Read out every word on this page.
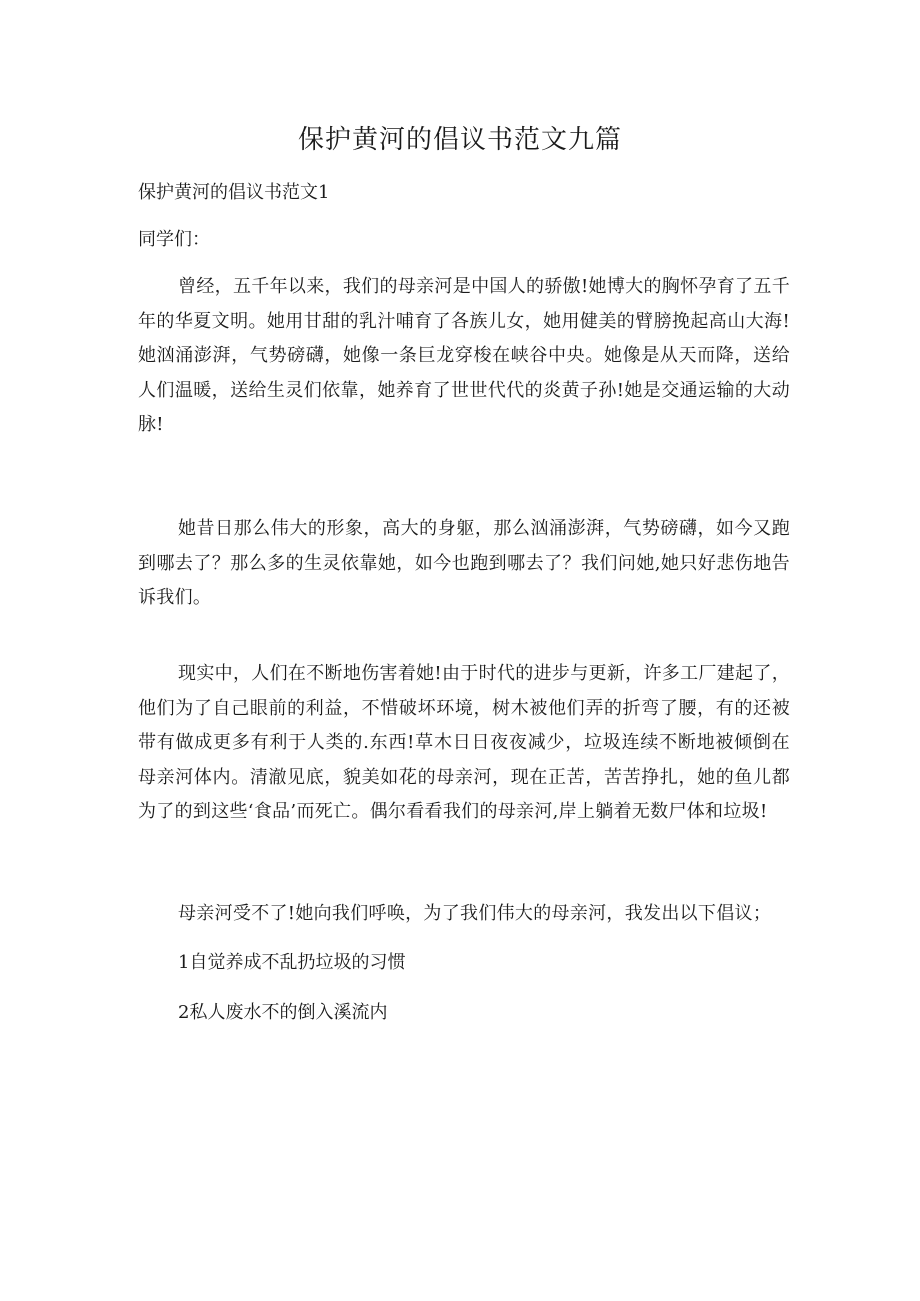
保护黄河的倡议书范文九篇

保护黄河的倡议书范文1

同学们：

曾经，五千年以来，我们的母亲河是中国人的骄傲!她博大的胸怀孕育了五千年的华夏文明。她用甘甜的乳汁哺育了各族儿女，她用健美的臂膀挽起高山大海!她汹涌澎湃，气势磅礴，她像一条巨龙穿梭在峡谷中央。她像是从天而降，送给人们温暖，送给生灵们依靠，她养育了世世代代的炎黄子孙!她是交通运输的大动脉!

她昔日那么伟大的形象，高大的身躯，那么汹涌澎湃，气势磅礴，如今又跑到哪去了？那么多的生灵依靠她，如今也跑到哪去了？我们问她,她只好悲伤地告诉我们。

现实中，人们在不断地伤害着她!由于时代的进步与更新，许多工厂建起了，他们为了自己眼前的利益，不惜破坏环境，树木被他们弄的折弯了腰，有的还被带有做成更多有利于人类的.东西!草木日日夜夜减少，垃圾连续不断地被倾倒在母亲河体内。清澈见底，貌美如花的母亲河，现在正苦，苦苦挣扎，她的鱼儿都为了的到这些‘食品’而死亡。偶尔看看我们的母亲河,岸上躺着无数尸体和垃圾!

母亲河受不了!她向我们呼唤，为了我们伟大的母亲河，我发出以下倡议；

1自觉养成不乱扔垃圾的习惯

2私人废水不的倒入溪流内
